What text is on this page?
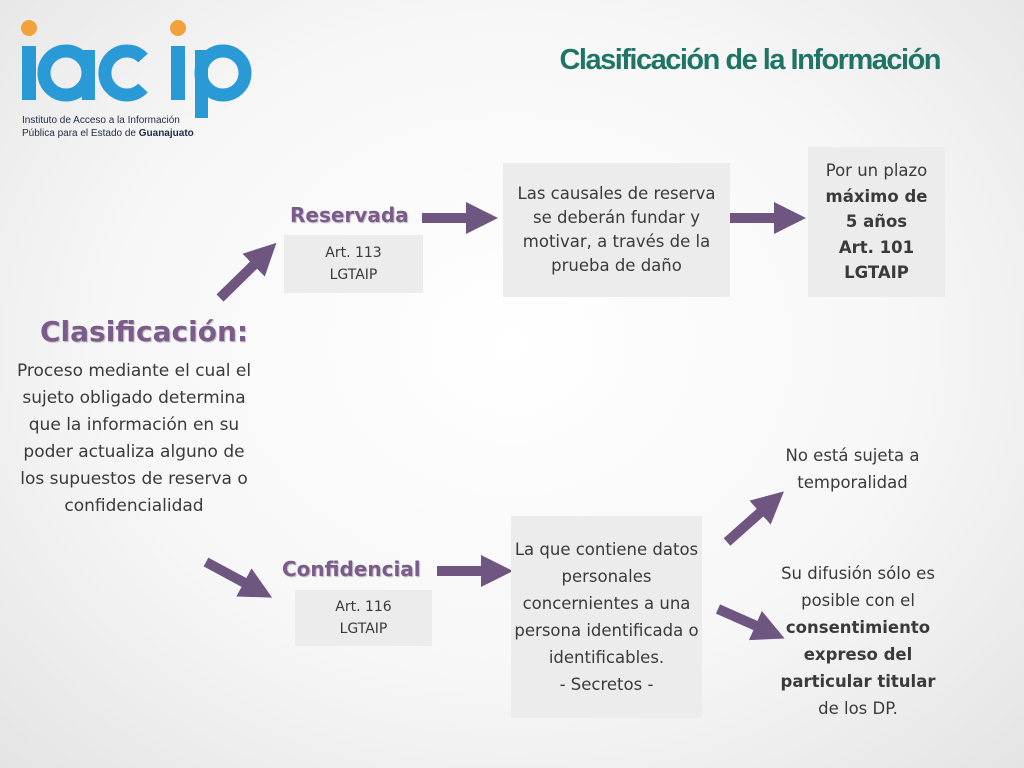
Instituto de Acceso a la Información
Pública para el Estado de Guanajuato
Clasificación de la Información
Clasificación:
Proceso mediante el cual el sujeto obligado determina que la información en su poder actualiza alguno de los supuestos de reserva o confidencialidad
Reservada
Art. 113
LGTAIP
Las causales de reserva se deberán fundar y motivar, a través de la prueba de daño
Por un plazo
máximo de
5 años
Art. 101
LGTAIP
Confidencial
Art. 116
LGTAIP
La que contiene datos personales concernientes a una persona identificada o identificables.
- Secretos -
No está sujeta a temporalidad
Su difusión sólo es posible con el consentimiento expreso del particular titular de los DP.
